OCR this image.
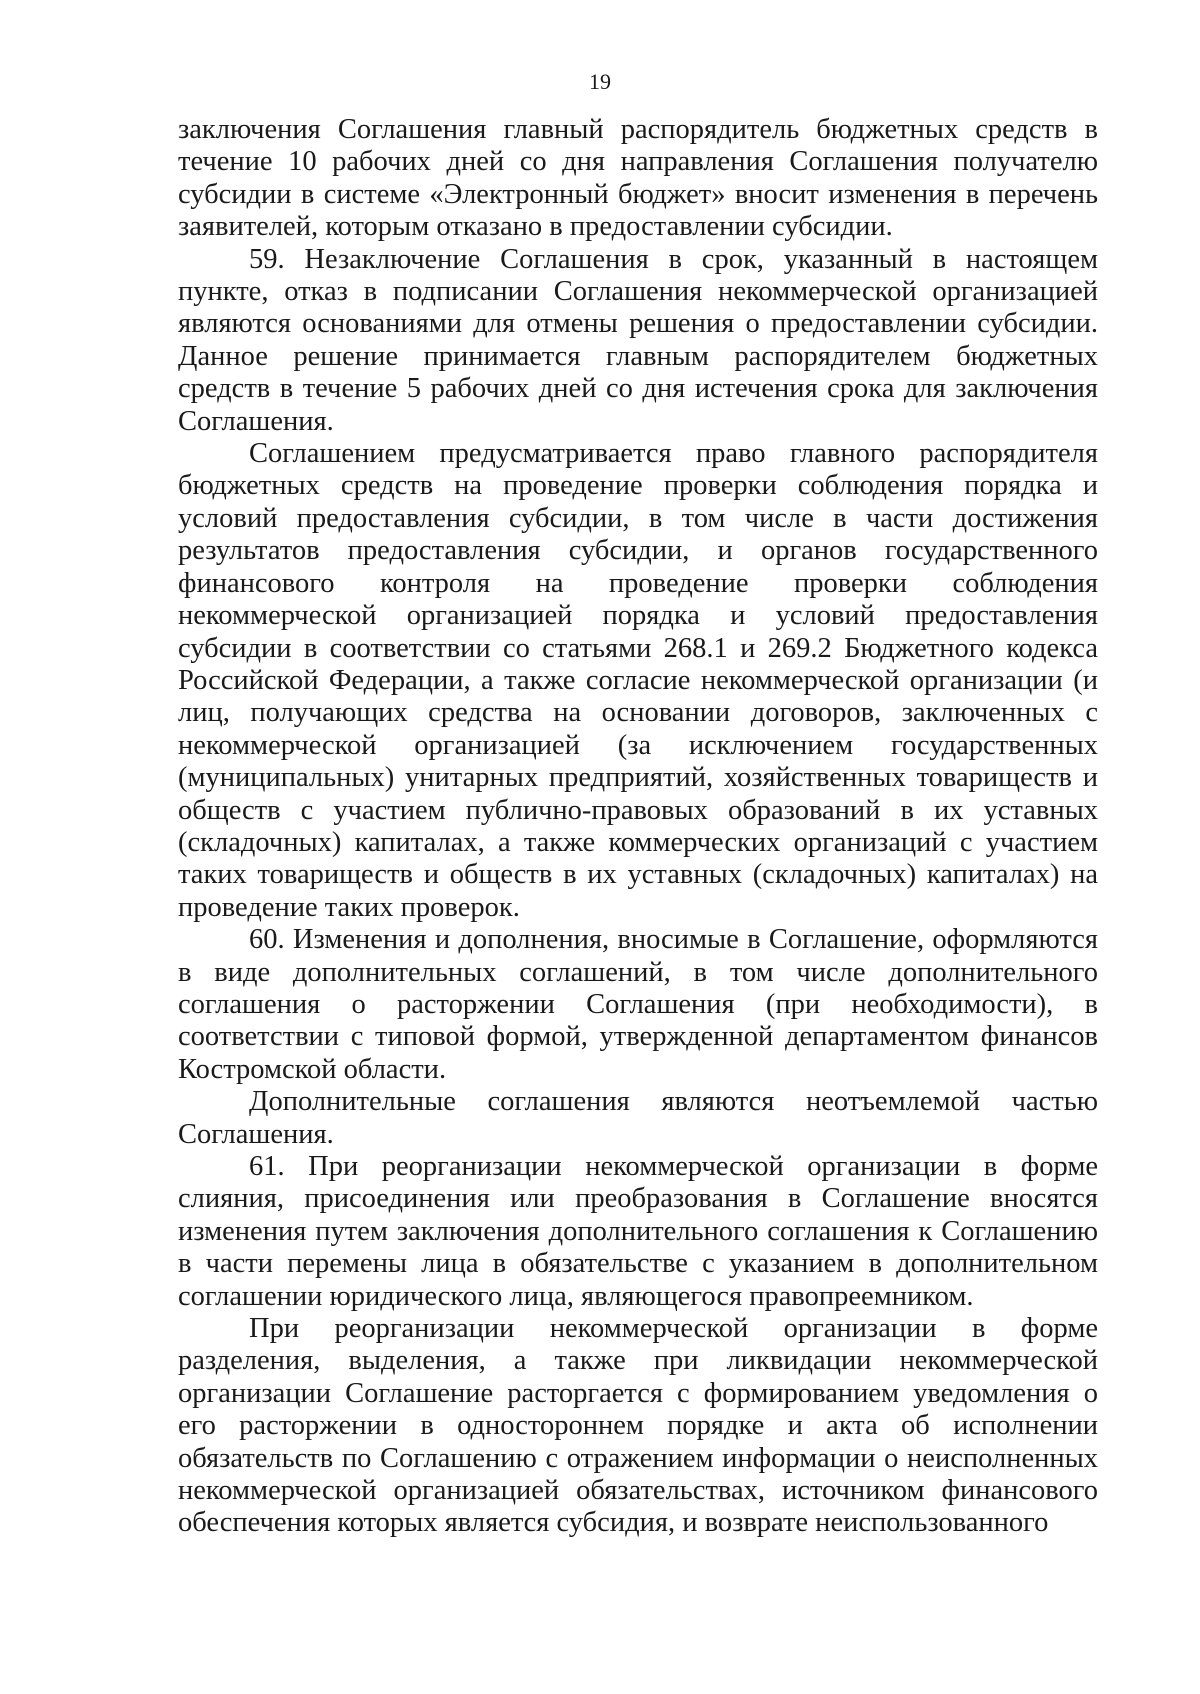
19

заключения Соглашения главный распорядитель бюджетных средств в течение 10 рабочих дней со дня направления Соглашения получателю субсидии в системе «Электронный бюджет» вносит изменения в перечень заявителей, которым отказано в предоставлении субсидии.

59. Незаключение Соглашения в срок, указанный в настоящем пункте, отказ в подписании Соглашения некоммерческой организацией являются основаниями для отмены решения о предоставлении субсидии. Данное решение принимается главным распорядителем бюджетных средств в течение 5 рабочих дней со дня истечения срока для заключения Соглашения.

Соглашением предусматривается право главного распорядителя бюджетных средств на проведение проверки соблюдения порядка и условий предоставления субсидии, в том числе в части достижения результатов предоставления субсидии, и органов государственного финансового контроля на проведение проверки соблюдения некоммерческой организацией порядка и условий предоставления субсидии в соответствии со статьями 268.1 и 269.2 Бюджетного кодекса Российской Федерации, а также согласие некоммерческой организации (и лиц, получающих средства на основании договоров, заключенных с некоммерческой организацией (за исключением государственных (муниципальных) унитарных предприятий, хозяйственных товариществ и обществ с участием публично-правовых образований в их уставных (складочных) капиталах, а также коммерческих организаций с участием таких товариществ и обществ в их уставных (складочных) капиталах) на проведение таких проверок.

60. Изменения и дополнения, вносимые в Соглашение, оформляются в виде дополнительных соглашений, в том числе дополнительного соглашения о расторжении Соглашения (при необходимости), в соответствии с типовой формой, утвержденной департаментом финансов Костромской области.

Дополнительные соглашения являются неотъемлемой частью Соглашения.

61. При реорганизации некоммерческой организации в форме слияния, присоединения или преобразования в Соглашение вносятся изменения путем заключения дополнительного соглашения к Соглашению в части перемены лица в обязательстве с указанием в дополнительном соглашении юридического лица, являющегося правопреемником.

При реорганизации некоммерческой организации в форме разделения, выделения, а также при ликвидации некоммерческой организации Соглашение расторгается с формированием уведомления о его расторжении в одностороннем порядке и акта об исполнении обязательств по Соглашению с отражением информации о неисполненных некоммерческой организацией обязательствах, источником финансового обеспечения которых является субсидия, и возврате неиспользованного
